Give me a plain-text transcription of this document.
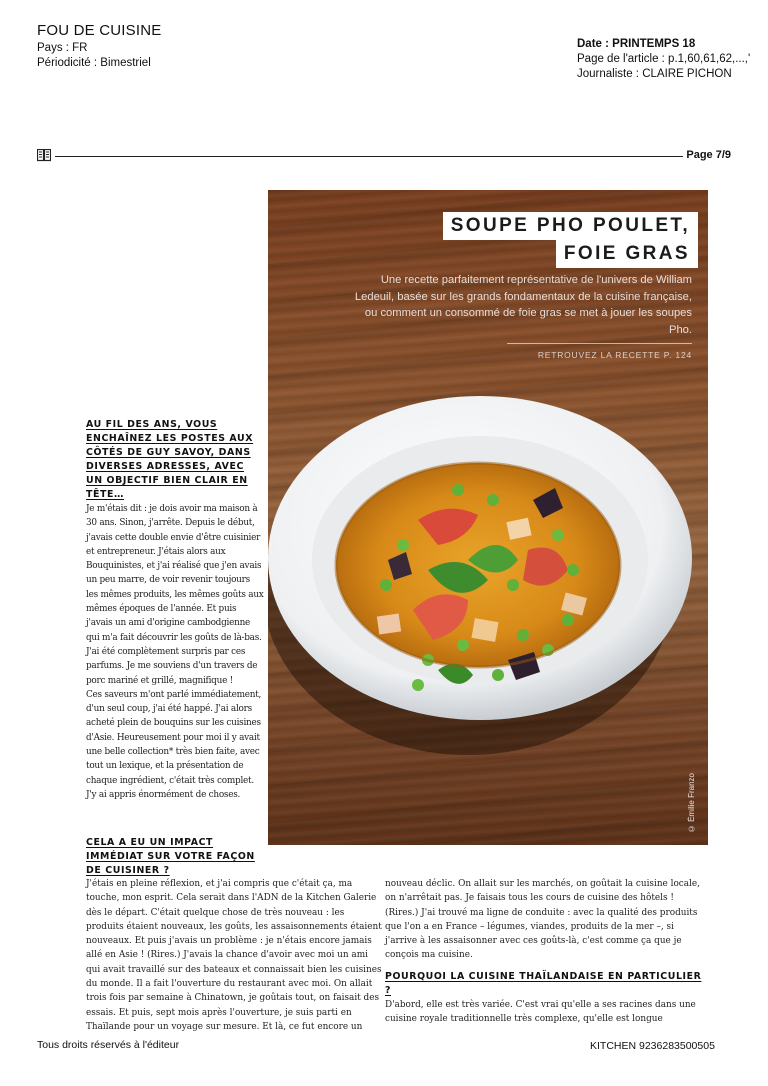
FOU DE CUISINE
Pays : FR
Périodicité : Bimestriel
Date : PRINTEMPS 18
Page de l'article : p.1,60,61,62,...,'
Journaliste : CLAIRE PICHON
Page 7/9
SOUPE PHO POULET,
FOIE GRAS
Une recette parfaitement représentative de l'univers de William Ledeuil, basée sur les grands fondamentaux de la cuisine française, ou comment un consommé de foie gras se met à jouer les soupes Pho.
RETROUVEZ LA RECETTE P. 124
© Émilie Franzo
AU FIL DES ANS, VOUS ENCHAÎNEZ LES POSTES AUX CÔTÉS DE GUY SAVOY, DANS DIVERSES ADRESSES, AVEC UN OBJECTIF BIEN CLAIR EN TÊTE…

Je m'étais dit : je dois avoir ma maison à 30 ans. Sinon, j'arrête. Depuis le début, j'avais cette double envie d'être cuisinier et entrepreneur. J'étais alors aux Bouquinistes, et j'ai réalisé que j'en avais un peu marre, de voir revenir toujours les mêmes produits, les mêmes goûts aux mêmes époques de l'année. Et puis j'avais un ami d'origine cambodgienne qui m'a fait découvrir les goûts de là-bas. J'ai été complètement surpris par ces parfums. Je me souviens d'un travers de porc mariné et grillé, magnifique !

Ces saveurs m'ont parlé immédiatement, d'un seul coup, j'ai été happé. J'ai alors acheté plein de bouquins sur les cuisines d'Asie. Heureusement pour moi il y avait une belle collection* très bien faite, avec tout un lexique, et la présentation de chaque ingrédient, c'était très complet. J'y ai appris énormément de choses.

CELA A EU UN IMPACT IMMÉDIAT SUR VOTRE FAÇON DE CUISINER ?

J'étais en pleine réflexion, et j'ai compris que c'était ça, ma touche, mon esprit. Cela serait dans l'ADN de la Kitchen Galerie dès le départ. C'était quelque chose de très nouveau : les produits étaient nouveaux, les goûts, les assaisonnements étaient nouveaux. Et puis j'avais un problème : je n'étais encore jamais allé en Asie ! (Rires.) J'avais la chance d'avoir avec moi un ami qui avait travaillé sur des bateaux et connaissait bien les cuisines du monde. Il a fait l'ouverture du restaurant avec moi. On allait trois fois par semaine à Chinatown, je goûtais tout, on faisait des essais. Et puis, sept mois après l'ouverture, je suis parti en Thaïlande pour un voyage sur mesure. Et là, ce fut encore un

nouveau déclic. On allait sur les marchés, on goûtait la cuisine locale, on n'arrêtait pas. Je faisais tous les cours de cuisine des hôtels ! (Rires.) J'ai trouvé ma ligne de conduite : avec la qualité des produits que l'on a en France – légumes, viandes, produits de la mer –, si j'arrive à les assaisonner avec ces goûts-là, c'est comme ça que je conçois ma cuisine.

POURQUOI LA CUISINE THAÏLANDAISE EN PARTICULIER ?

D'abord, elle est très variée. C'est vrai qu'elle a ses racines dans une cuisine royale traditionnelle très complexe, qu'elle est longue

Tous droits réservés à l'éditeur	KITCHEN 9236283500505
